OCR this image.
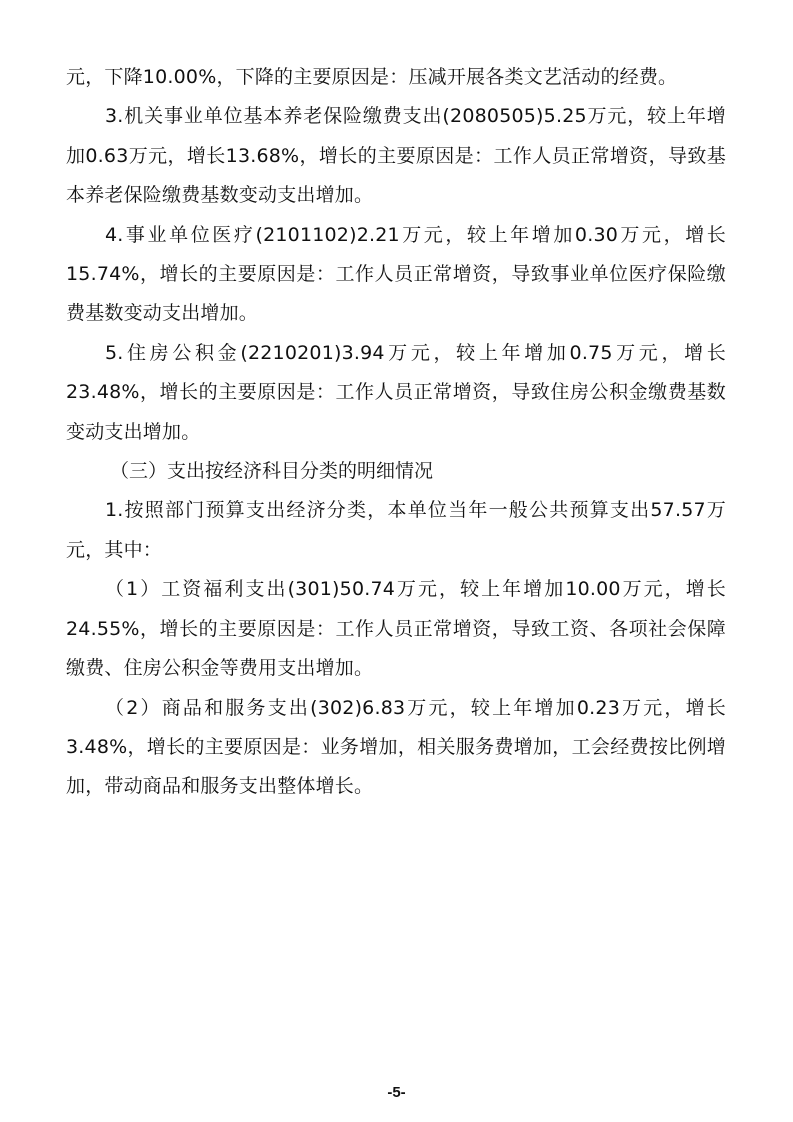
元，下降10.00%，下降的主要原因是：压减开展各类文艺活动的经费。

3.机关事业单位基本养老保险缴费支出(2080505)5.25万元，较上年增加0.63万元，增长13.68%，增长的主要原因是：工作人员正常增资，导致基本养老保险缴费基数变动支出增加。

4.事业单位医疗(2101102)2.21万元，较上年增加0.30万元，增长15.74%，增长的主要原因是：工作人员正常增资，导致事业单位医疗保险缴费基数变动支出增加。

5.住房公积金(2210201)3.94万元，较上年增加0.75万元，增长23.48%，增长的主要原因是：工作人员正常增资，导致住房公积金缴费基数变动支出增加。

（三）支出按经济科目分类的明细情况

1.按照部门预算支出经济分类，本单位当年一般公共预算支出57.57万元，其中：

（1）工资福利支出(301)50.74万元，较上年增加10.00万元，增长24.55%，增长的主要原因是：工作人员正常增资，导致工资、各项社会保障缴费、住房公积金等费用支出增加。

（2）商品和服务支出(302)6.83万元，较上年增加0.23万元，增长3.48%，增长的主要原因是：业务增加，相关服务费增加，工会经费按比例增加，带动商品和服务支出整体增长。

-5-
